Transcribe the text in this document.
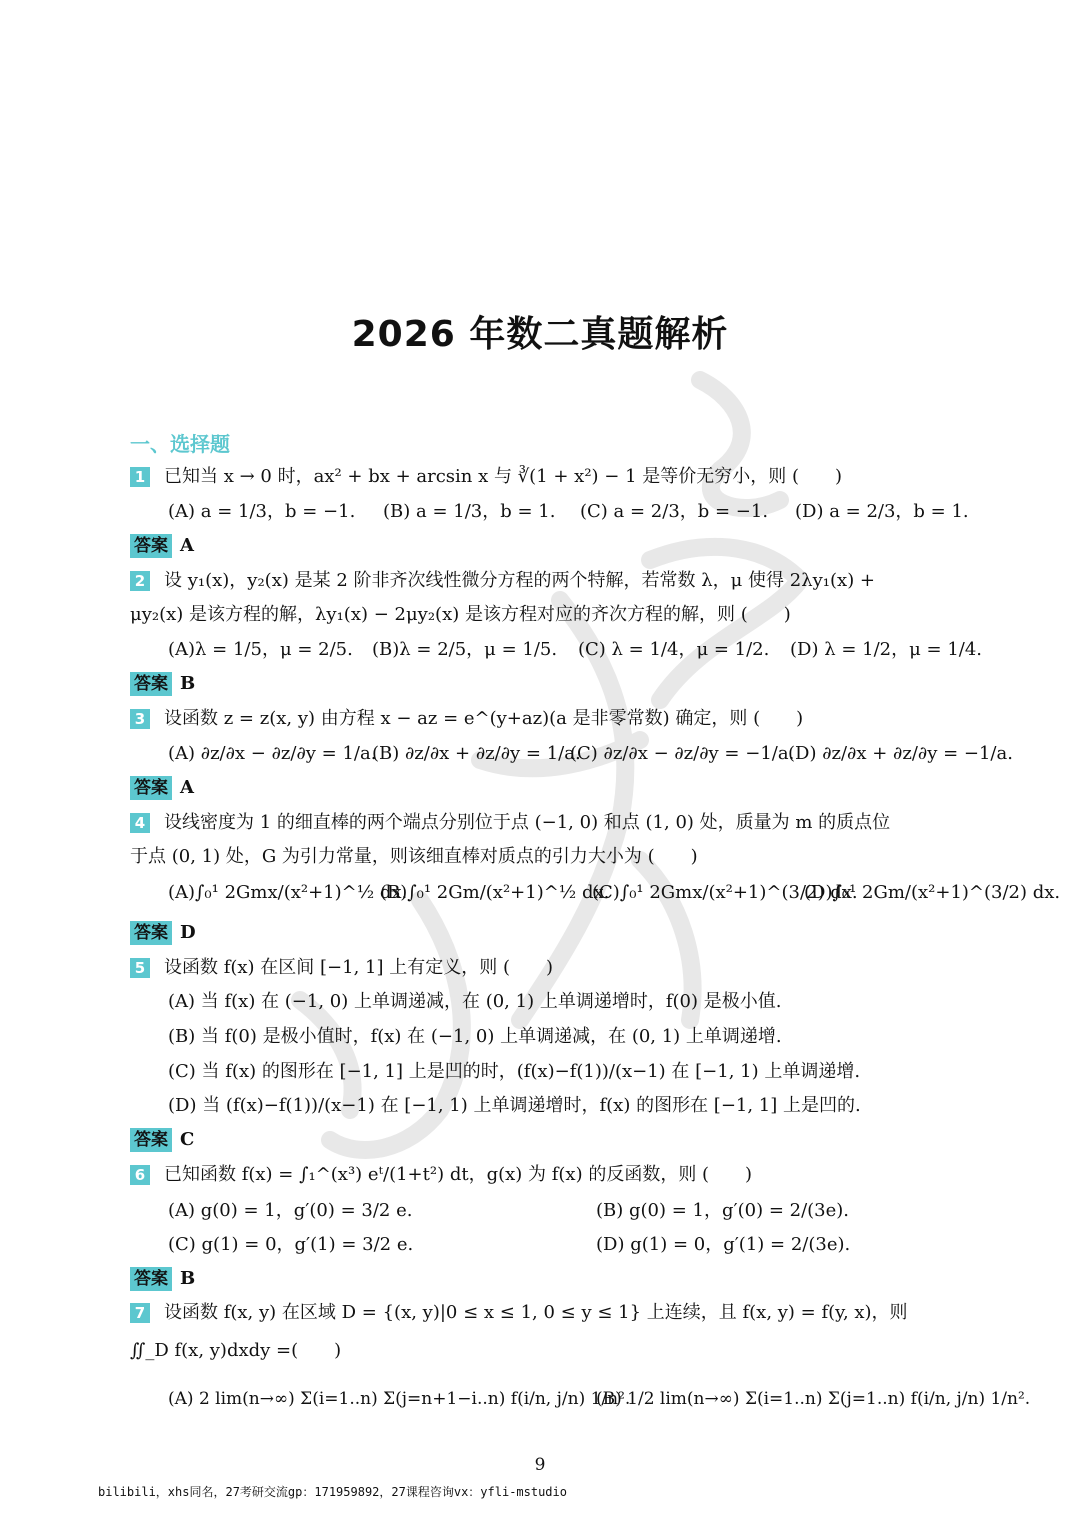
2026 年数二真题解析
一、选择题
1 已知当 x → 0 时，ax² + bx + arcsin x 与 ∛(1 + x²) − 1 是等价无穷小，则 (　　)
(A) a = 1/3，b = −1. (B) a = 1/3，b = 1. (C) a = 2/3，b = −1. (D) a = 2/3，b = 1.
答案 A
2 设 y₁(x)，y₂(x) 是某 2 阶非齐次线性微分方程的两个特解，若常数 λ，μ 使得 2λy₁(x) +
μy₂(x) 是该方程的解，λy₁(x) − 2μy₂(x) 是该方程对应的齐次方程的解，则 (　　)
(A)λ = 1/5，μ = 2/5. (B)λ = 2/5，μ = 1/5. (C) λ = 1/4，μ = 1/2. (D) λ = 1/2，μ = 1/4.
答案 B
3 设函数 z = z(x, y) 由方程 x − az = e^(y+az)(a 是非零常数) 确定，则 (　　)
(A) ∂z/∂x − ∂z/∂y = 1/a.
(B) ∂z/∂x + ∂z/∂y = 1/a.
(C) ∂z/∂x − ∂z/∂y = −1/a.
(D) ∂z/∂x + ∂z/∂y = −1/a.
答案 A
4 设线密度为 1 的细直棒的两个端点分别位于点 (−1, 0) 和点 (1, 0) 处，质量为 m 的质点位
于点 (0, 1) 处，G 为引力常量，则该细直棒对质点的引力大小为 (　　)
(A)∫₀¹ 2Gmx/(x²+1)^½ dx.
(B)∫₀¹ 2Gm/(x²+1)^½ dx.
(C)∫₀¹ 2Gmx/(x²+1)^(3/2) dx.
(D)∫₀¹ 2Gm/(x²+1)^(3/2) dx.
答案 D
5 设函数 f(x) 在区间 [−1, 1] 上有定义，则 (　　)
(A) 当 f(x) 在 (−1, 0) 上单调递减，在 (0, 1) 上单调递增时，f(0) 是极小值.
(B) 当 f(0) 是极小值时，f(x) 在 (−1, 0) 上单调递减，在 (0, 1) 上单调递增.
(C) 当 f(x) 的图形在 [−1, 1] 上是凹的时，(f(x)−f(1))/(x−1) 在 [−1, 1) 上单调递增.
(D) 当 (f(x)−f(1))/(x−1) 在 [−1, 1) 上单调递增时，f(x) 的图形在 [−1, 1] 上是凹的.
答案 C
6 已知函数 f(x) = ∫₁^(x³) eᵗ/(1+t²) dt，g(x) 为 f(x) 的反函数，则 (　　)
(A) g(0) = 1，g′(0) = 3/2 e.	(B) g(0) = 1，g′(0) = 2/(3e).
(C) g(1) = 0，g′(1) = 3/2 e.	(D) g(1) = 0，g′(1) = 2/(3e).
答案 B
7 设函数 f(x, y) 在区域 D = {(x, y)|0 ≤ x ≤ 1, 0 ≤ y ≤ 1} 上连续，且 f(x, y) = f(y, x)，则
∬_D f(x, y)dxdy =(　　)
(A) 2 lim(n→∞) Σ(i=1..n) Σ(j=n+1−i..n) f(i/n, j/n) 1/n².
(B) 1/2 lim(n→∞) Σ(i=1..n) Σ(j=1..n) f(i/n, j/n) 1/n².
9
bilibili，xhs同名，27考研交流gp：171959892，27课程咨询vx：yfli-mstudio
